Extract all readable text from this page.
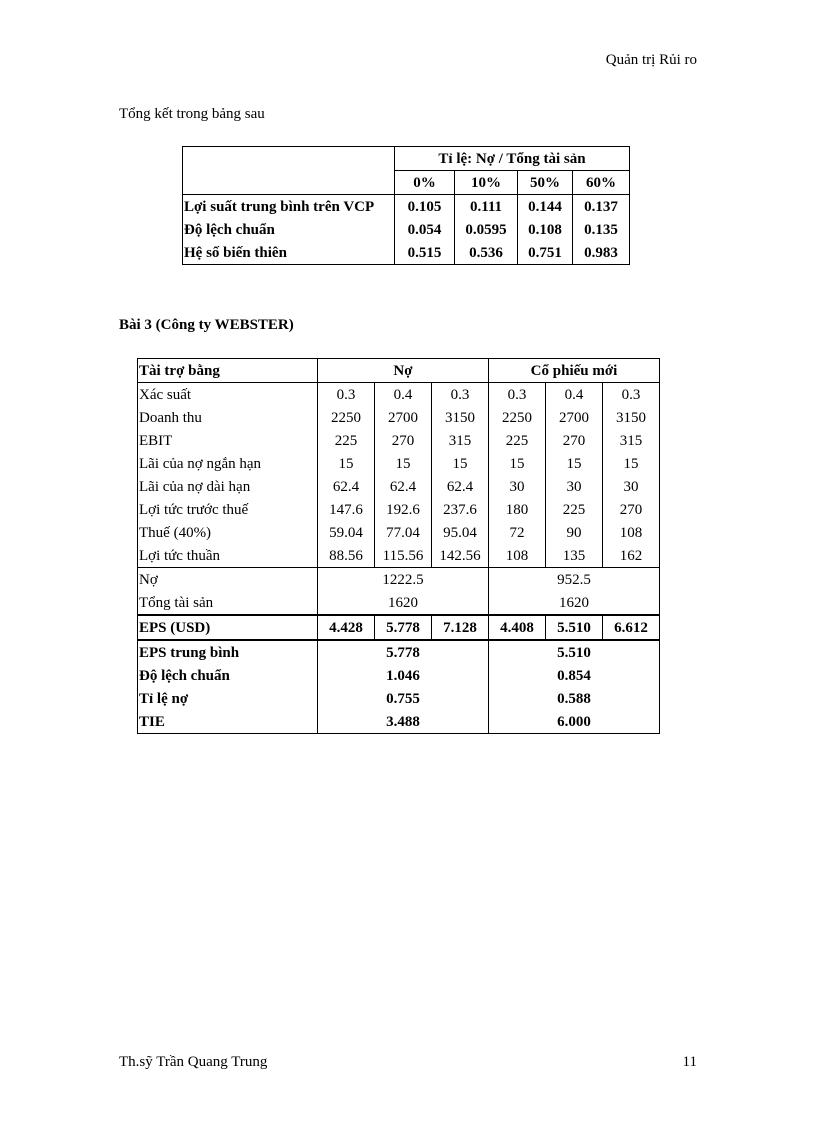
Quản trị Rủi ro
Tổng kết trong bảng sau
	Tỉ lệ: Nợ / Tổng tài sản			
	0%	10%	50%	60%
Lợi suất trung bình trên VCP	0.105	0.111	0.144	0.137
Độ lệch chuẩn	0.054	0.0595	0.108	0.135
Hệ số biến thiên	0.515	0.536	0.751	0.983
Bài 3 (Công ty WEBSTER)
Tài trợ bằng	Nợ			Cổ phiếu mới		
Xác suất	0.3	0.4	0.3	0.3	0.4	0.3
Doanh thu	2250	2700	3150	2250	2700	3150
EBIT	225	270	315	225	270	315
Lãi của nợ ngắn hạn	15	15	15	15	15	15
Lãi của nợ dài hạn	62.4	62.4	62.4	30	30	30
Lợi tức trước thuế	147.6	192.6	237.6	180	225	270
Thuế (40%)	59.04	77.04	95.04	72	90	108
Lợi tức thuần	88.56	115.56	142.56	108	135	162
Nợ	1222.5			952.5		
Tổng tài sản	1620			1620		
EPS (USD)	4.428	5.778	7.128	4.408	5.510	6.612
EPS trung bình	5.778			5.510		
Độ lệch chuẩn	1.046			0.854		
Tỉ lệ nợ	0.755			0.588		
TIE	3.488			6.000		
Th.sỹ Trần Quang Trung	11
